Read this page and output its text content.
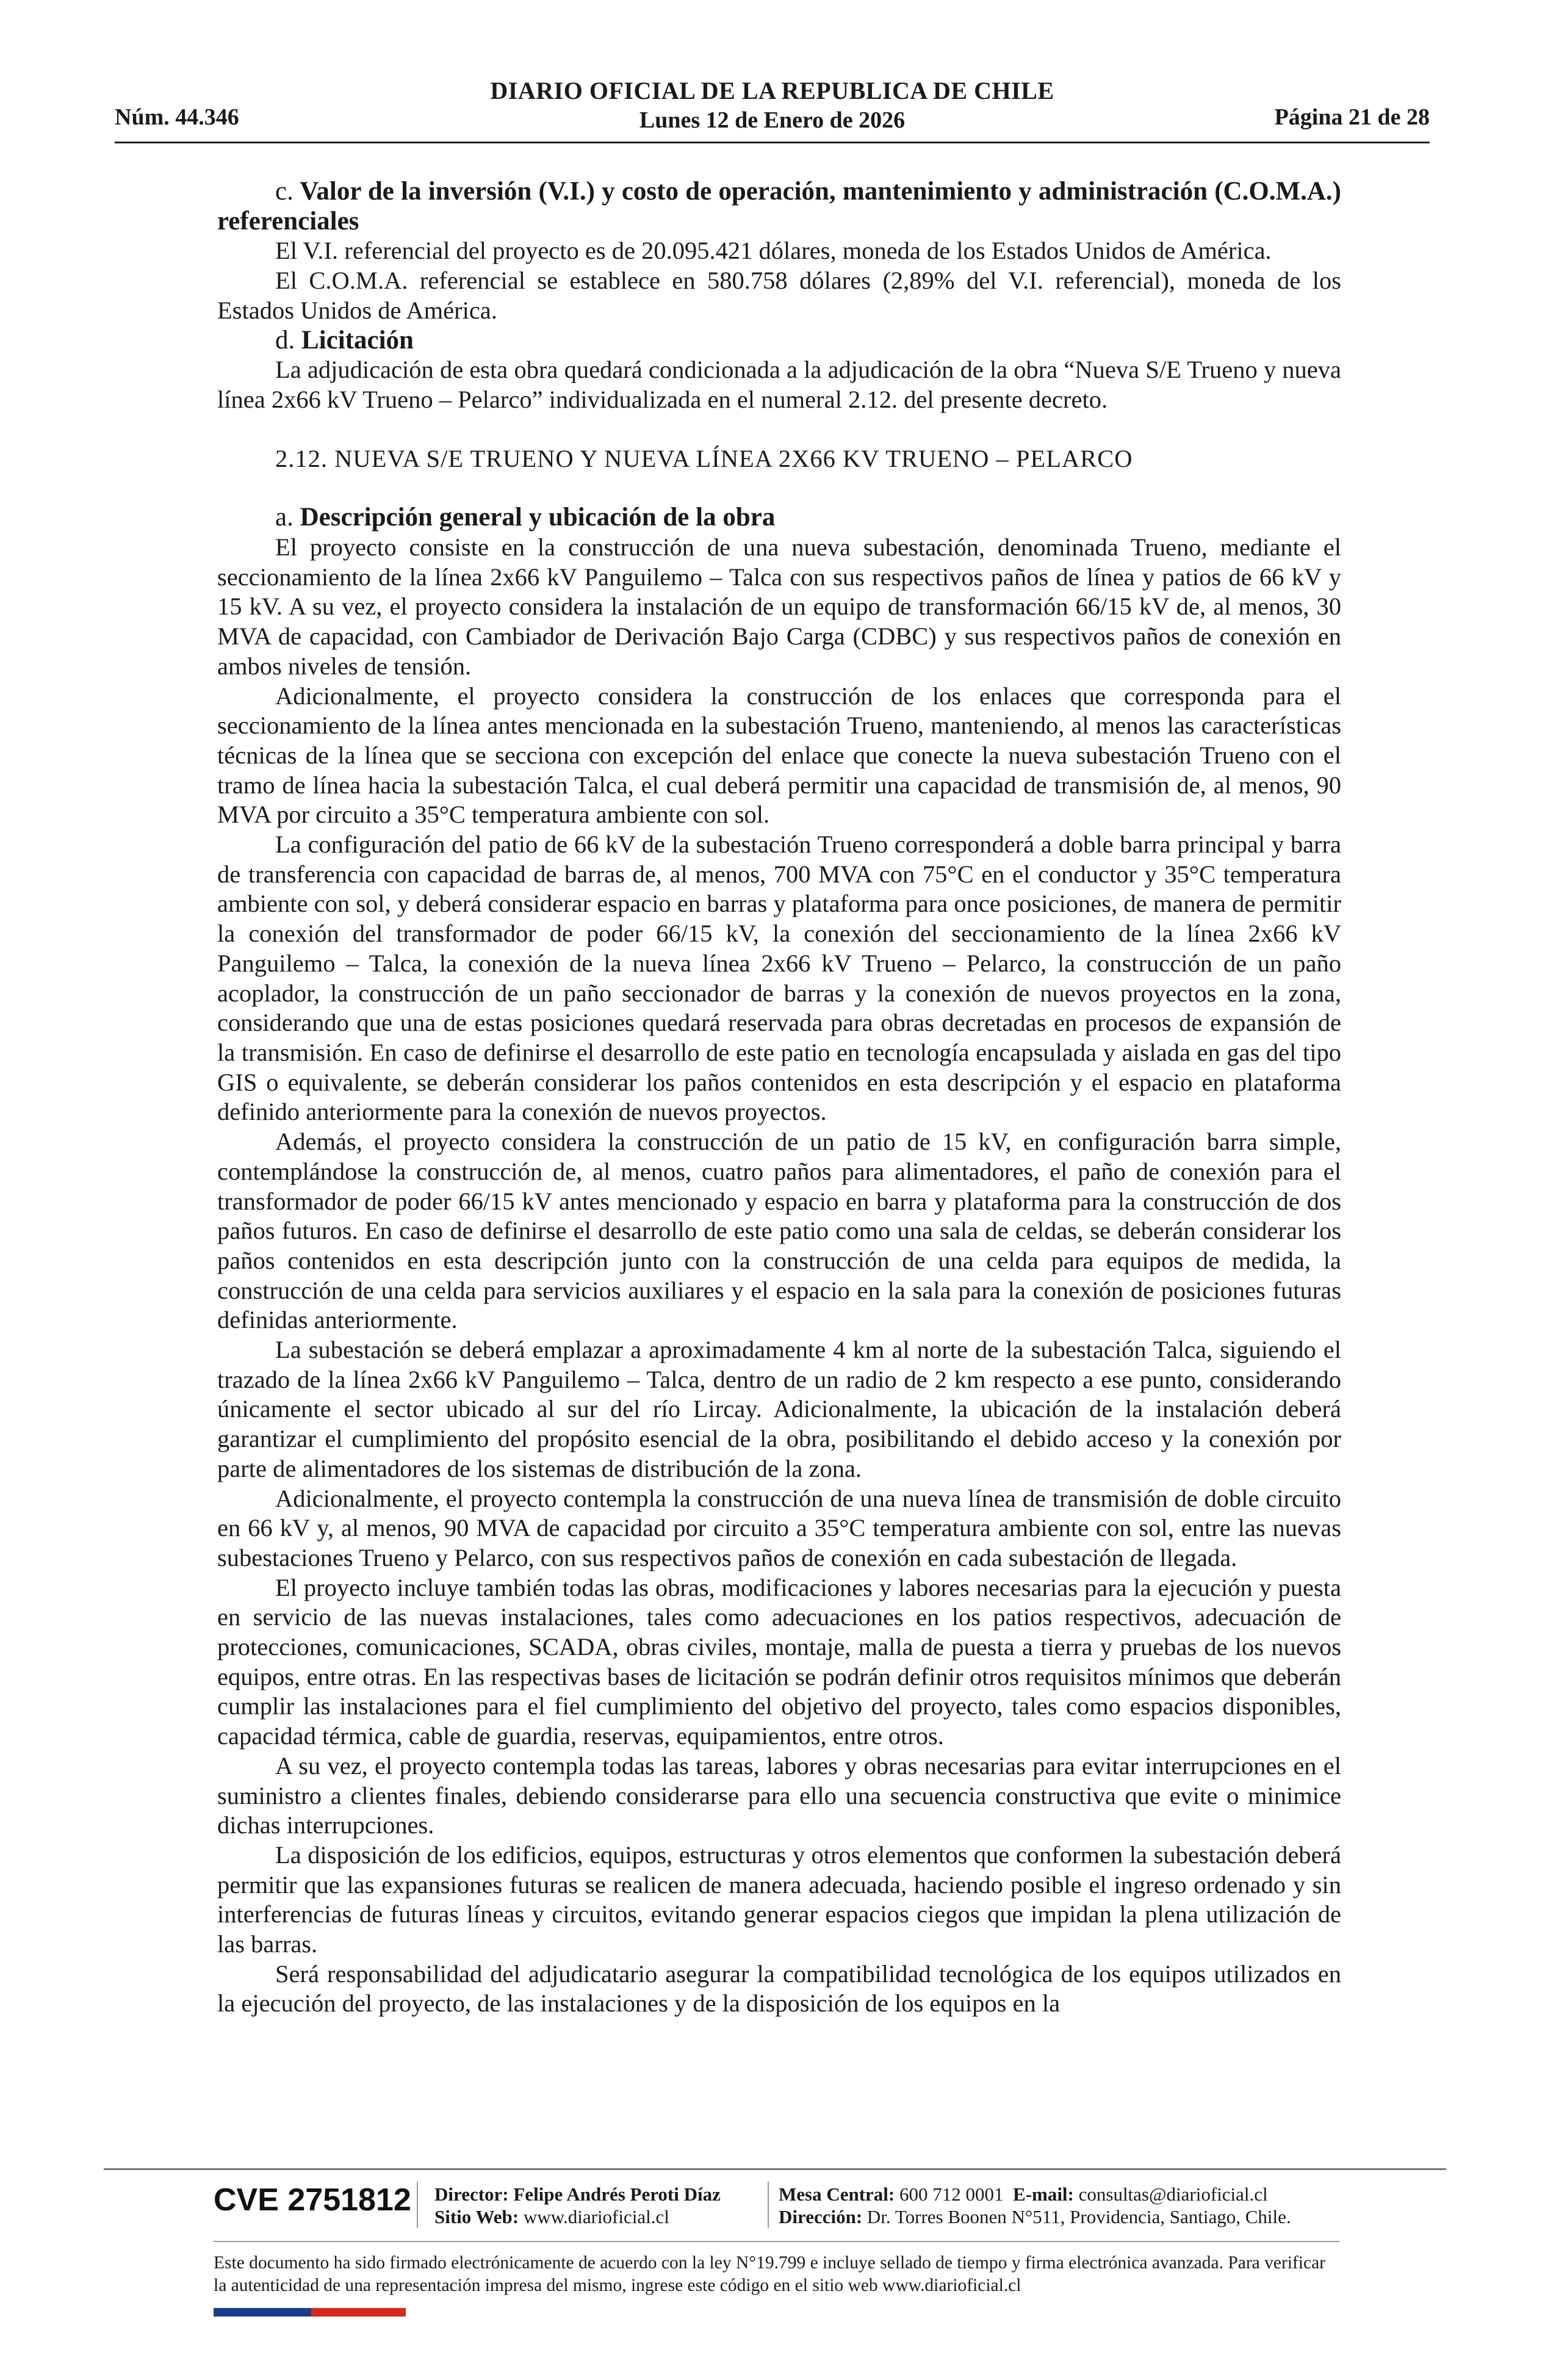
Núm. 44.346
DIARIO OFICIAL DE LA REPUBLICA DE CHILE
Lunes 12 de Enero de 2026	Página 21 de 28

c. Valor de la inversión (V.I.) y costo de operación, mantenimiento y administración (C.O.M.A.) referenciales

El V.I. referencial del proyecto es de 20.095.421 dólares, moneda de los Estados Unidos de América.

El C.O.M.A. referencial se establece en 580.758 dólares (2,89% del V.I. referencial), moneda de los Estados Unidos de América.

d. Licitación

La adjudicación de esta obra quedará condicionada a la adjudicación de la obra “Nueva S/E Trueno y nueva línea 2x66 kV Trueno – Pelarco” individualizada en el numeral 2.12. del presente decreto.

2.12. NUEVA S/E TRUENO Y NUEVA LÍNEA 2X66 KV TRUENO – PELARCO

a. Descripción general y ubicación de la obra

El proyecto consiste en la construcción de una nueva subestación, denominada Trueno, mediante el seccionamiento de la línea 2x66 kV Panguilemo – Talca con sus respectivos paños de línea y patios de 66 kV y 15 kV. A su vez, el proyecto considera la instalación de un equipo de transformación 66/15 kV de, al menos, 30 MVA de capacidad, con Cambiador de Derivación Bajo Carga (CDBC) y sus respectivos paños de conexión en ambos niveles de tensión.

Adicionalmente, el proyecto considera la construcción de los enlaces que corresponda para el seccionamiento de la línea antes mencionada en la subestación Trueno, manteniendo, al menos las características técnicas de la línea que se secciona con excepción del enlace que conecte la nueva subestación Trueno con el tramo de línea hacia la subestación Talca, el cual deberá permitir una capacidad de transmisión de, al menos, 90 MVA por circuito a 35°C temperatura ambiente con sol.

La configuración del patio de 66 kV de la subestación Trueno corresponderá a doble barra principal y barra de transferencia con capacidad de barras de, al menos, 700 MVA con 75°C en el conductor y 35°C temperatura ambiente con sol, y deberá considerar espacio en barras y plataforma para once posiciones, de manera de permitir la conexión del transformador de poder 66/15 kV, la conexión del seccionamiento de la línea 2x66 kV Panguilemo – Talca, la conexión de la nueva línea 2x66 kV Trueno – Pelarco, la construcción de un paño acoplador, la construcción de un paño seccionador de barras y la conexión de nuevos proyectos en la zona, considerando que una de estas posiciones quedará reservada para obras decretadas en procesos de expansión de la transmisión. En caso de definirse el desarrollo de este patio en tecnología encapsulada y aislada en gas del tipo GIS o equivalente, se deberán considerar los paños contenidos en esta descripción y el espacio en plataforma definido anteriormente para la conexión de nuevos proyectos.

Además, el proyecto considera la construcción de un patio de 15 kV, en configuración barra simple, contemplándose la construcción de, al menos, cuatro paños para alimentadores, el paño de conexión para el transformador de poder 66/15 kV antes mencionado y espacio en barra y plataforma para la construcción de dos paños futuros. En caso de definirse el desarrollo de este patio como una sala de celdas, se deberán considerar los paños contenidos en esta descripción junto con la construcción de una celda para equipos de medida, la construcción de una celda para servicios auxiliares y el espacio en la sala para la conexión de posiciones futuras definidas anteriormente.

La subestación se deberá emplazar a aproximadamente 4 km al norte de la subestación Talca, siguiendo el trazado de la línea 2x66 kV Panguilemo – Talca, dentro de un radio de 2 km respecto a ese punto, considerando únicamente el sector ubicado al sur del río Lircay. Adicionalmente, la ubicación de la instalación deberá garantizar el cumplimiento del propósito esencial de la obra, posibilitando el debido acceso y la conexión por parte de alimentadores de los sistemas de distribución de la zona.

Adicionalmente, el proyecto contempla la construcción de una nueva línea de transmisión de doble circuito en 66 kV y, al menos, 90 MVA de capacidad por circuito a 35°C temperatura ambiente con sol, entre las nuevas subestaciones Trueno y Pelarco, con sus respectivos paños de conexión en cada subestación de llegada.

El proyecto incluye también todas las obras, modificaciones y labores necesarias para la ejecución y puesta en servicio de las nuevas instalaciones, tales como adecuaciones en los patios respectivos, adecuación de protecciones, comunicaciones, SCADA, obras civiles, montaje, malla de puesta a tierra y pruebas de los nuevos equipos, entre otras. En las respectivas bases de licitación se podrán definir otros requisitos mínimos que deberán cumplir las instalaciones para el fiel cumplimiento del objetivo del proyecto, tales como espacios disponibles, capacidad térmica, cable de guardia, reservas, equipamientos, entre otros.

A su vez, el proyecto contempla todas las tareas, labores y obras necesarias para evitar interrupciones en el suministro a clientes finales, debiendo considerarse para ello una secuencia constructiva que evite o minimice dichas interrupciones.

La disposición de los edificios, equipos, estructuras y otros elementos que conformen la subestación deberá permitir que las expansiones futuras se realicen de manera adecuada, haciendo posible el ingreso ordenado y sin interferencias de futuras líneas y circuitos, evitando generar espacios ciegos que impidan la plena utilización de las barras.

Será responsabilidad del adjudicatario asegurar la compatibilidad tecnológica de los equipos utilizados en la ejecución del proyecto, de las instalaciones y de la disposición de los equipos en la

CVE 2751812 Director: Felipe Andrés Peroti Díaz
Sitio Web: www.diarioficial.cl
Mesa Central: 600 712 0001 E-mail: consultas@diarioficial.cl
Dirección: Dr. Torres Boonen N°511, Providencia, Santiago, Chile.
Este documento ha sido firmado electrónicamente de acuerdo con la ley N°19.799 e incluye sellado de tiempo y firma electrónica avanzada. Para verificar la autenticidad de una representación impresa del mismo, ingrese este código en el sitio web www.diarioficial.cl
